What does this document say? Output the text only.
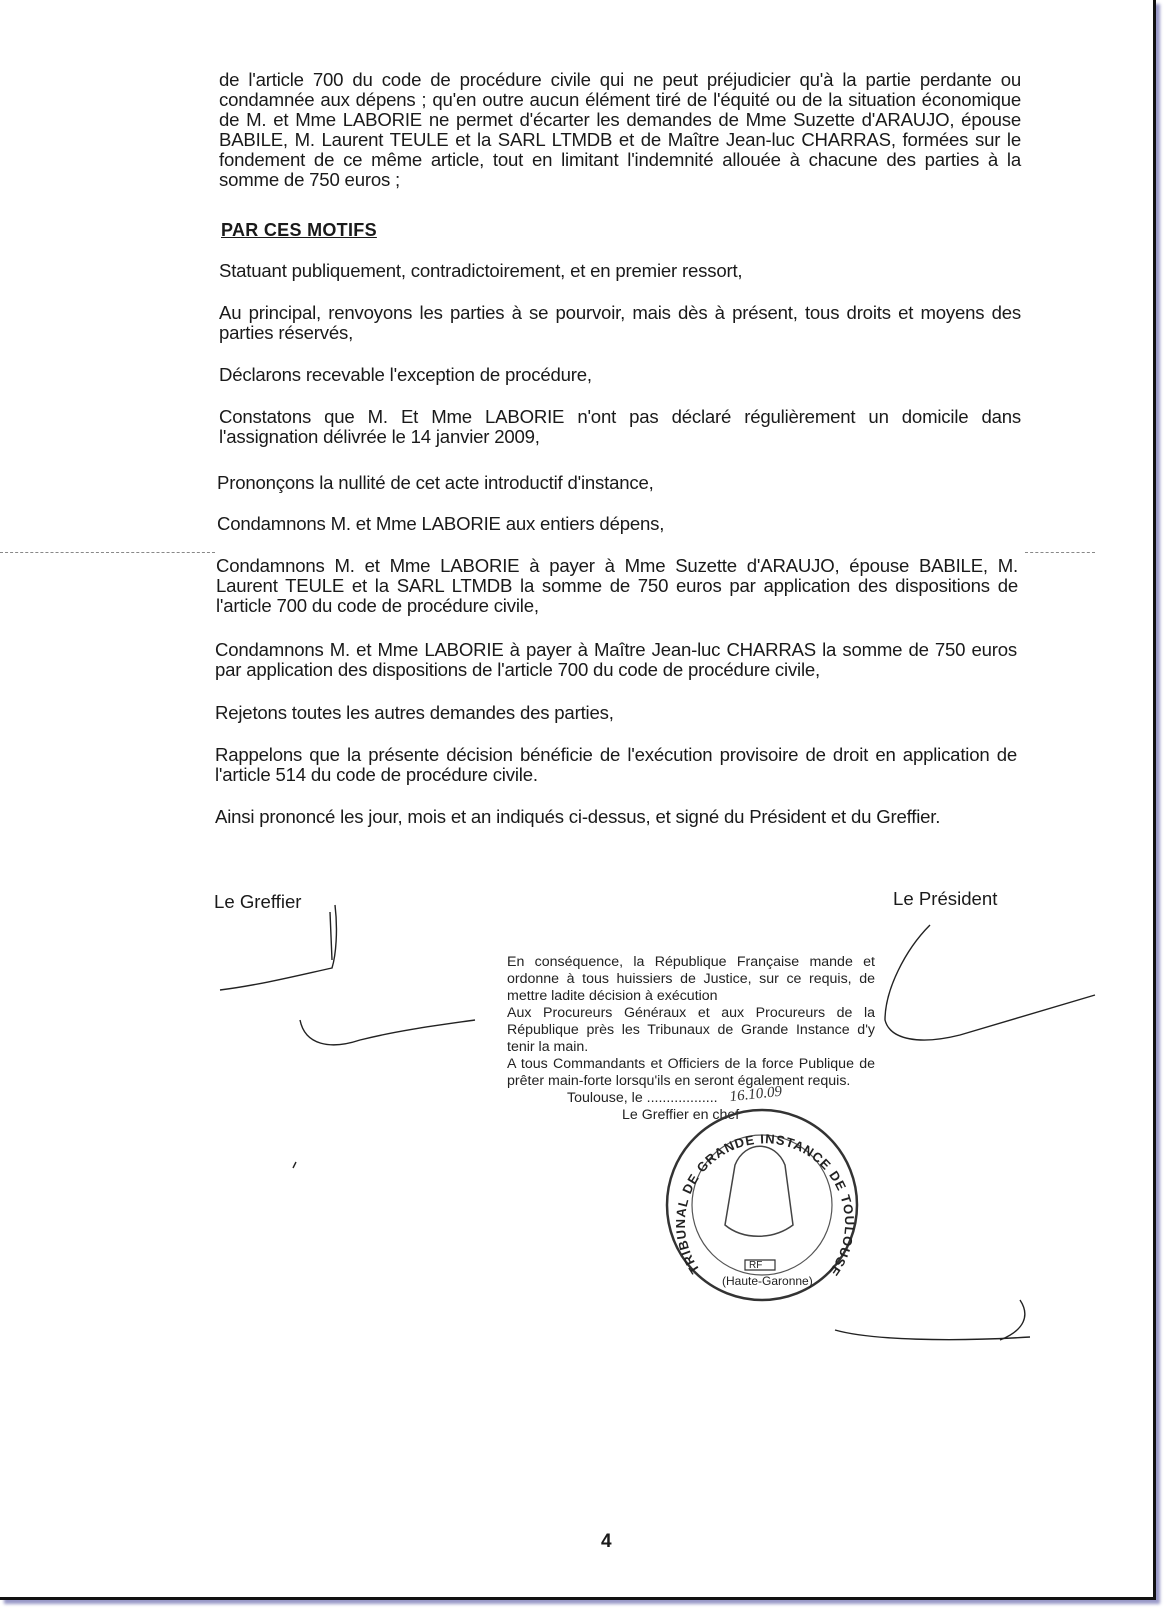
de l'article 700 du code de procédure civile qui ne peut préjudicier qu'à la partie perdante ou condamnée aux dépens ; qu'en outre aucun élément tiré de l'équité ou de la situation économique de M. et Mme LABORIE ne permet d'écarter les demandes de Mme Suzette d'ARAUJO, épouse BABILE, M. Laurent TEULE et la SARL LTMDB et de Maître Jean-luc CHARRAS, formées sur le fondement de ce même article, tout en limitant l'indemnité allouée à chacune des parties à la somme de 750 euros ;
PAR CES MOTIFS
Statuant publiquement, contradictoirement, et en premier ressort,
Au principal, renvoyons les parties à se pourvoir, mais dès à présent, tous droits et moyens des parties réservés,
Déclarons recevable l'exception de procédure,
Constatons que M. Et Mme LABORIE n'ont pas déclaré régulièrement un domicile dans l'assignation délivrée le 14 janvier 2009,
Prononçons la nullité de cet acte introductif d'instance,
Condamnons M. et Mme LABORIE aux entiers dépens,
Condamnons M. et Mme LABORIE à payer à Mme Suzette d'ARAUJO, épouse BABILE, M. Laurent TEULE et la SARL LTMDB la somme de 750 euros par application des dispositions de l'article 700 du code de procédure civile,
Condamnons M. et Mme LABORIE à payer à Maître Jean-luc CHARRAS la somme de 750 euros par application des dispositions de l'article 700 du code de procédure civile,
Rejetons toutes les autres demandes des parties,
Rappelons que la présente décision bénéficie de l'exécution provisoire de droit en application de l'article 514 du code de procédure civile.
Ainsi prononcé les jour, mois et an indiqués ci-dessus, et signé du Président et du Greffier.
Le Greffier	Le Président
En conséquence, la République Française mande et ordonne à tous huissiers de Justice, sur ce requis, de mettre ladite décision à exécution
Aux Procureurs Généraux et aux Procureurs de la République près les Tribunaux de Grande Instance d'y tenir la main.
A tous Commandants et Officiers de la force Publique de prêter main-forte lorsqu'ils en seront également requis.
Toulouse, le ..................
Le Greffier en chef
RF
TRIBUNAL DE GRANDE INSTANCE DE TOULOUSE
(Haute-Garonne)
16.10.09
4
